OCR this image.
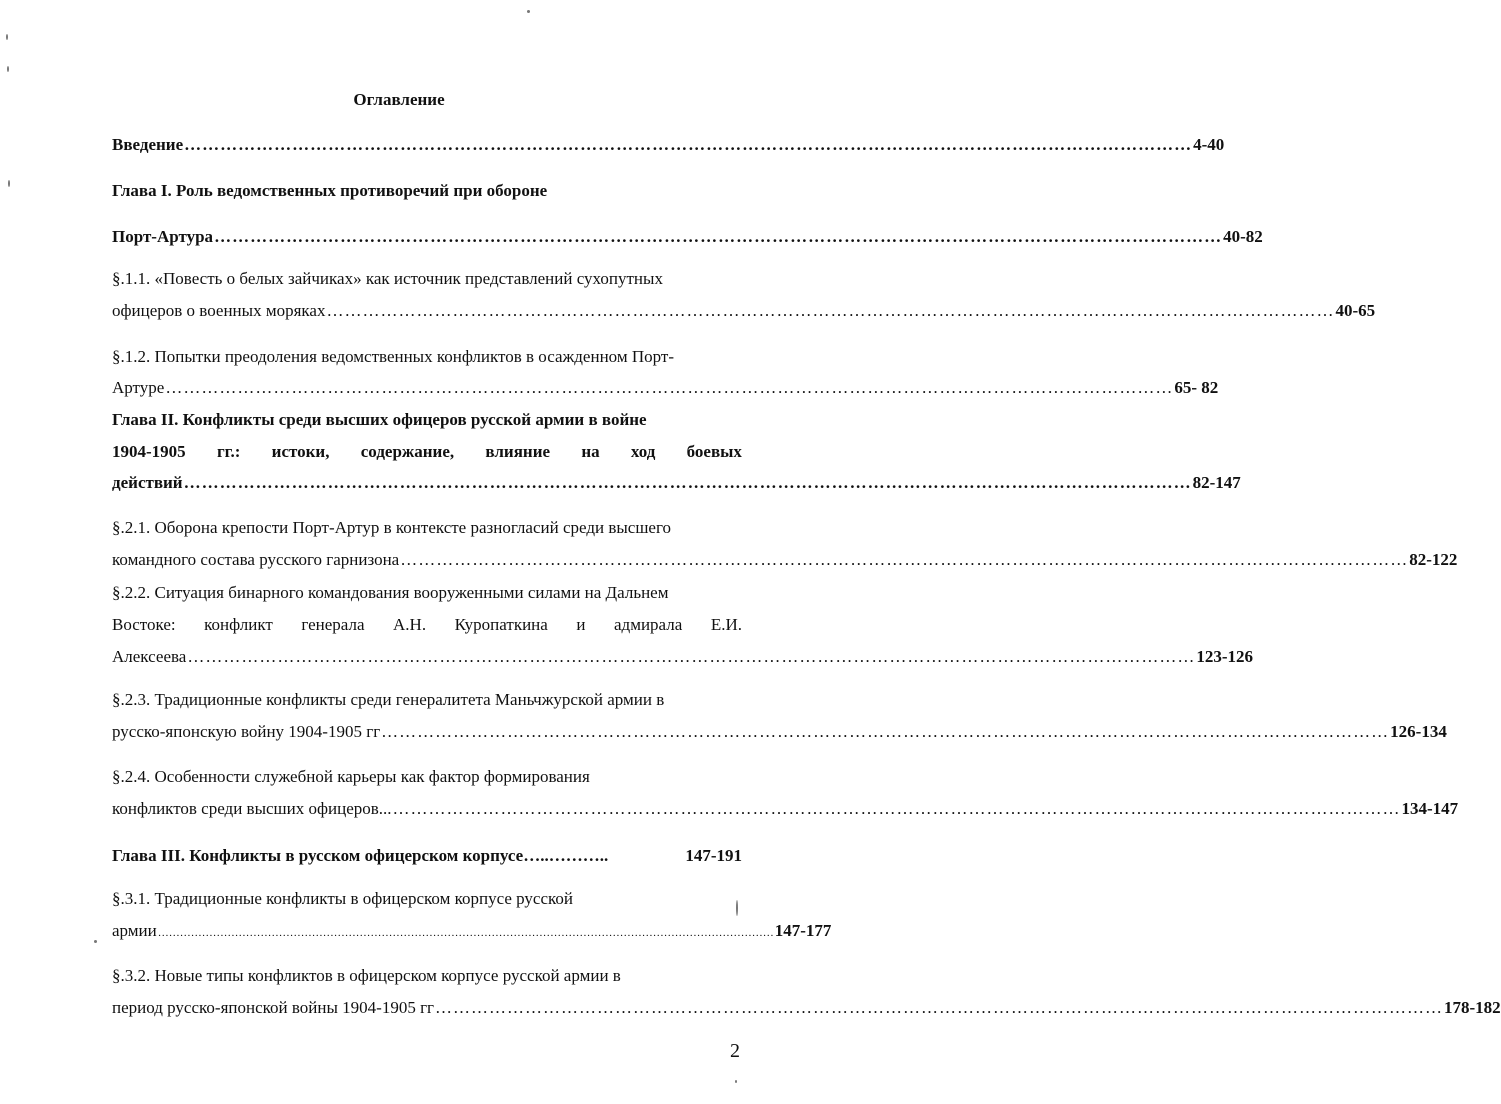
Оглавление
Введение …………………………………………………………………………………………………………………………………………………… 4-40
Глава I. Роль ведомственных противоречий при обороне
Порт-Артура …………………………………………………………………………………………………………………………………………………… 40-82
§.1.1. «Повесть о белых зайчиках» как источник представлений сухопутных
офицеров о военных моряках …………………………………………………………………………………………………………………………………………………… 40-65
§.1.2. Попытки преодоления ведомственных конфликтов в осажденном Порт-
Артуре …………………………………………………………………………………………………………………………………………………… 65- 82
Глава II. Конфликты среди высших офицеров русской армии в войне
1904-1905 гг.: истоки, содержание, влияние на ход боевых
действий …………………………………………………………………………………………………………………………………………………… 82-147
§.2.1. Оборона крепости Порт-Артур в контексте разногласий среди высшего
командного состава русского гарнизона …………………………………………………………………………………………………………………………………………………… 82-122
§.2.2. Ситуация бинарного командования вооруженными силами на Дальнем
Востоке: конфликт генерала А.Н. Куропаткина и адмирала Е.И.
Алексеева …………………………………………………………………………………………………………………………………………………… 123-126
§.2.3. Традиционные конфликты среди генералитета Маньчжурской армии в
русско-японскую войну 1904-1905 гг …………………………………………………………………………………………………………………………………………………… 126-134
§.2.4. Особенности служебной карьеры как фактор формирования
конфликтов среди высших офицеров... …………………………………………………………………………………………………………………………………………………… 134-147
Глава III. Конфликты в русском офицерском корпусе…..………..	147-191
§.3.1. Традиционные конфликты в офицерском корпусе русской
армии …………………………………………………………………………………………………………………………………………………… 147-177
§.3.2. Новые типы конфликтов в офицерском корпусе русской армии в
период русско-японской войны 1904-1905 гг …………………………………………………………………………………………………………………………………………………… 178-182
2
